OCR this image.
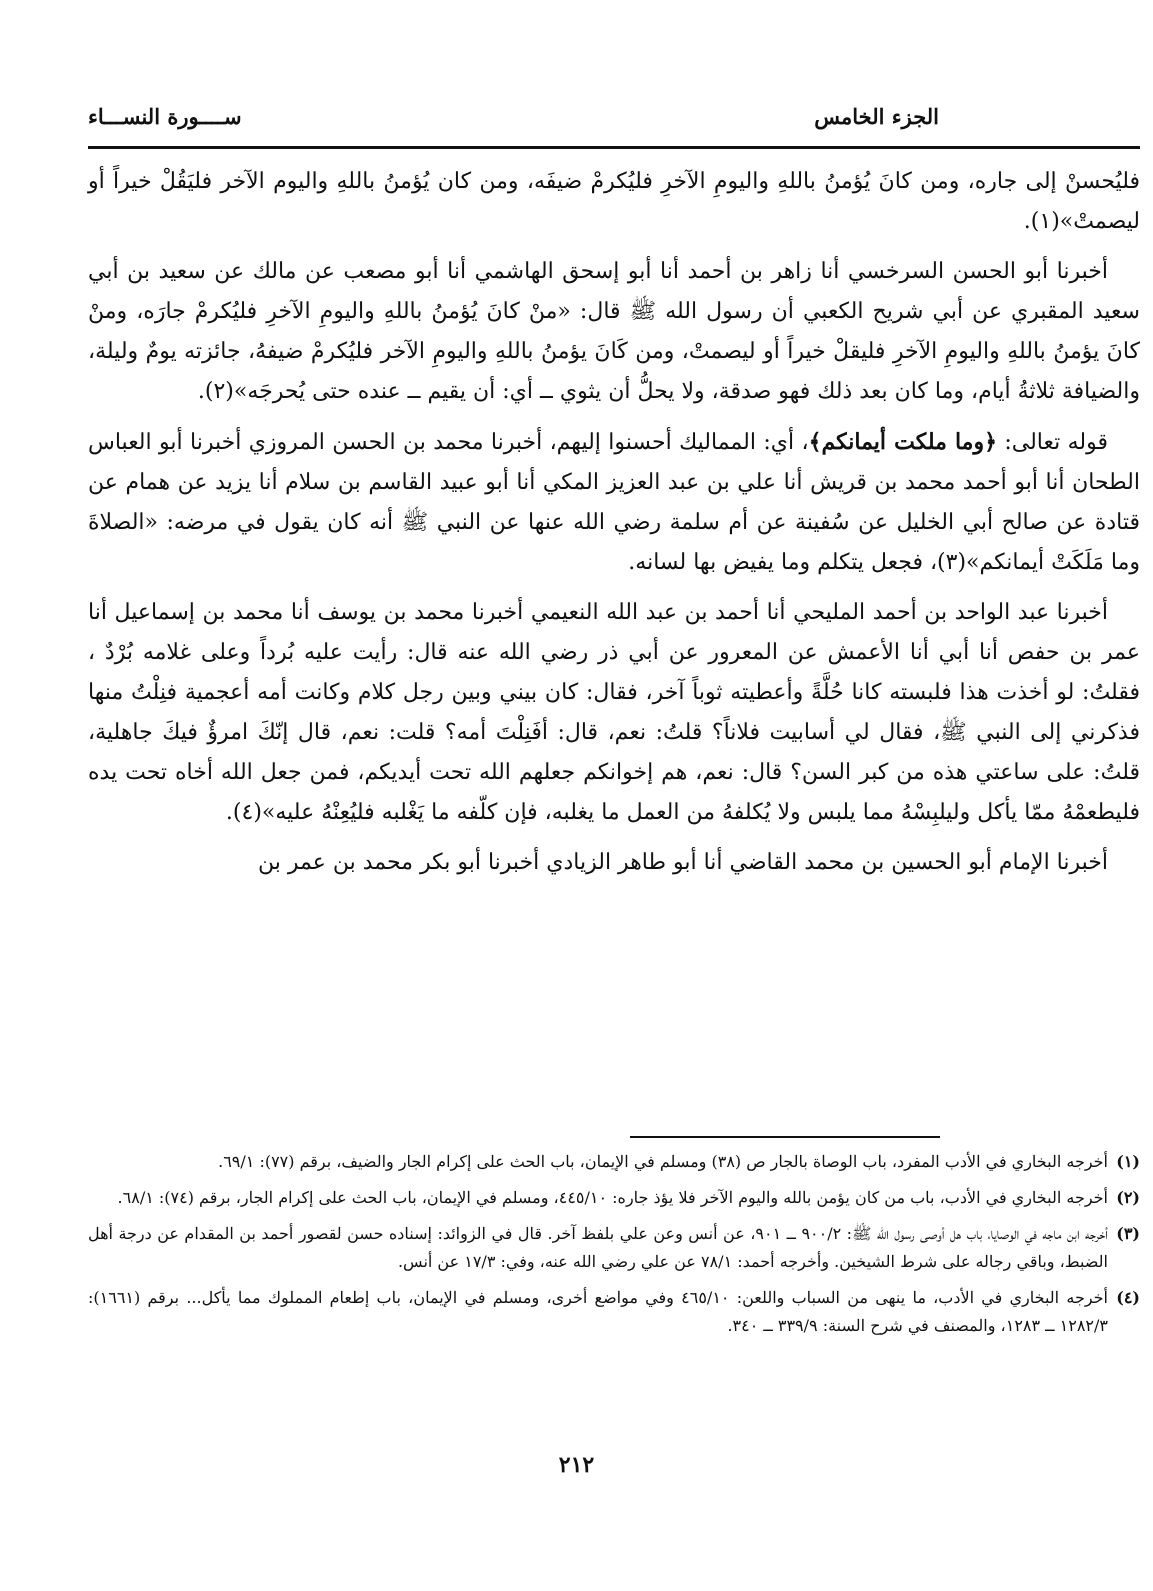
الجزء الخامس
ســــورة النســـاء

فليُحسنْ إلى جاره، ومن كانَ يُؤمنُ باللهِ واليومِ الآخرِ فليُكرمْ ضيفَه، ومن كان يُؤمنُ باللهِ واليوم الآخر فليَقُلْ خيراً أو ليصمتْ»(١).

أخبرنا أبو الحسن السرخسي أنا زاهر بن أحمد أنا أبو إسحق الهاشمي أنا أبو مصعب عن مالك عن سعيد بن أبي سعيد المقبري عن أبي شريح الكعبي أن رسول الله ﷺ قال: «منْ كانَ يُؤمنُ باللهِ واليومِ الآخرِ فليُكرمْ جارَه، ومنْ كانَ يؤمنُ باللهِ واليومِ الآخرِ فليقلْ خيراً أو ليصمتْ، ومن كَانَ يؤمنُ باللهِ واليومِ الآخر فليُكرمْ ضيفهُ، جائزته يومٌ وليلة، والضيافة ثلاثةُ أيام، وما كان بعد ذلك فهو صدقة، ولا يحلُّ أن يثوي ــ أي: أن يقيم ــ عنده حتى يُحرجَه»(٢).

قوله تعالى: ﴿وما ملكت أيمانكم﴾، أي: المماليك أحسنوا إليهم، أخبرنا محمد بن الحسن المروزي أخبرنا أبو العباس الطحان أنا أبو أحمد محمد بن قريش أنا علي بن عبد العزيز المكي أنا أبو عبيد القاسم بن سلام أنا يزيد عن همام عن قتادة عن صالح أبي الخليل عن سُفينة عن أم سلمة رضي الله عنها عن النبي ﷺ أنه كان يقول في مرضه: «الصلاةَ وما مَلَكَتْ أيمانكم»(٣)، فجعل يتكلم وما يفيض بها لسانه.

أخبرنا عبد الواحد بن أحمد المليحي أنا أحمد بن عبد الله النعيمي أخبرنا محمد بن يوسف أنا محمد بن إسماعيل أنا عمر بن حفص أنا أبي أنا الأعمش عن المعرور عن أبي ذر رضي الله عنه قال: رأيت عليه بُرداً وعلى غلامه بُرْدٌ ، فقلتُ: لو أخذت هذا فلبسته كانا حُلَّةً وأعطيته ثوباً آخر، فقال: كان بيني وبين رجل كلام وكانت أمه أعجمية فنِلْتُ منها فذكرني إلى النبي ﷺ، فقال لي أسابيت فلاناً؟ قلتُ: نعم، قال: أفَنِلْتَ أمه؟ قلت: نعم، قال إنّكَ امرؤٌ فيكَ جاهلية، قلتُ: على ساعتي هذه من كبر السن؟ قال: نعم، هم إخوانكم جعلهم الله تحت أيديكم، فمن جعل الله أخاه تحت يده فليطعمْهُ ممّا يأكل وليلبِسْهُ مما يلبس ولا يُكلفهُ من العمل ما يغلبه، فإن كلّفه ما يَغْلبه فليُعِنْهُ عليه»(٤).

أخبرنا الإمام أبو الحسين بن محمد القاضي أنا أبو طاهر الزيادي أخبرنا أبو بكر محمد بن عمر بن

(١)
أخرجه البخاري في الأدب المفرد، باب الوصاة بالجار ص (٣٨) ومسلم في الإيمان، باب الحث على إكرام الجار والضيف، برقم (٧٧): ٦٩/١.
(٢)
أخرجه البخاري في الأدب، باب من كان يؤمن بالله واليوم الآخر فلا يؤذ جاره: ٤٤٥/١٠، ومسلم في الإيمان، باب الحث على إكرام الجار، برقم (٧٤): ٦٨/١.
(٣)
أخرجه ابن ماجه في الوصايا، باب هل أوصى رسول الله ﷺ: ٩٠٠/٢ ــ ٩٠١، عن أنس وعن علي بلفظ آخر. قال في الزوائد: إسناده حسن لقصور أحمد بن المقدام عن درجة أهل الضبط، وباقي رجاله على شرط الشيخين. وأخرجه أحمد: ٧٨/١ عن علي رضي الله عنه، وفي: ١٧/٣ عن أنس.
(٤)
أخرجه البخاري في الأدب، ما ينهى من السباب واللعن: ٤٦٥/١٠ وفي مواضع أخرى، ومسلم في الإيمان، باب إطعام المملوك مما يأكل... برقم (١٦٦١): ١٢٨٢/٣ ــ ١٢٨٣، والمصنف في شرح السنة: ٣٣٩/٩ ــ ٣٤٠.
٢١٢
